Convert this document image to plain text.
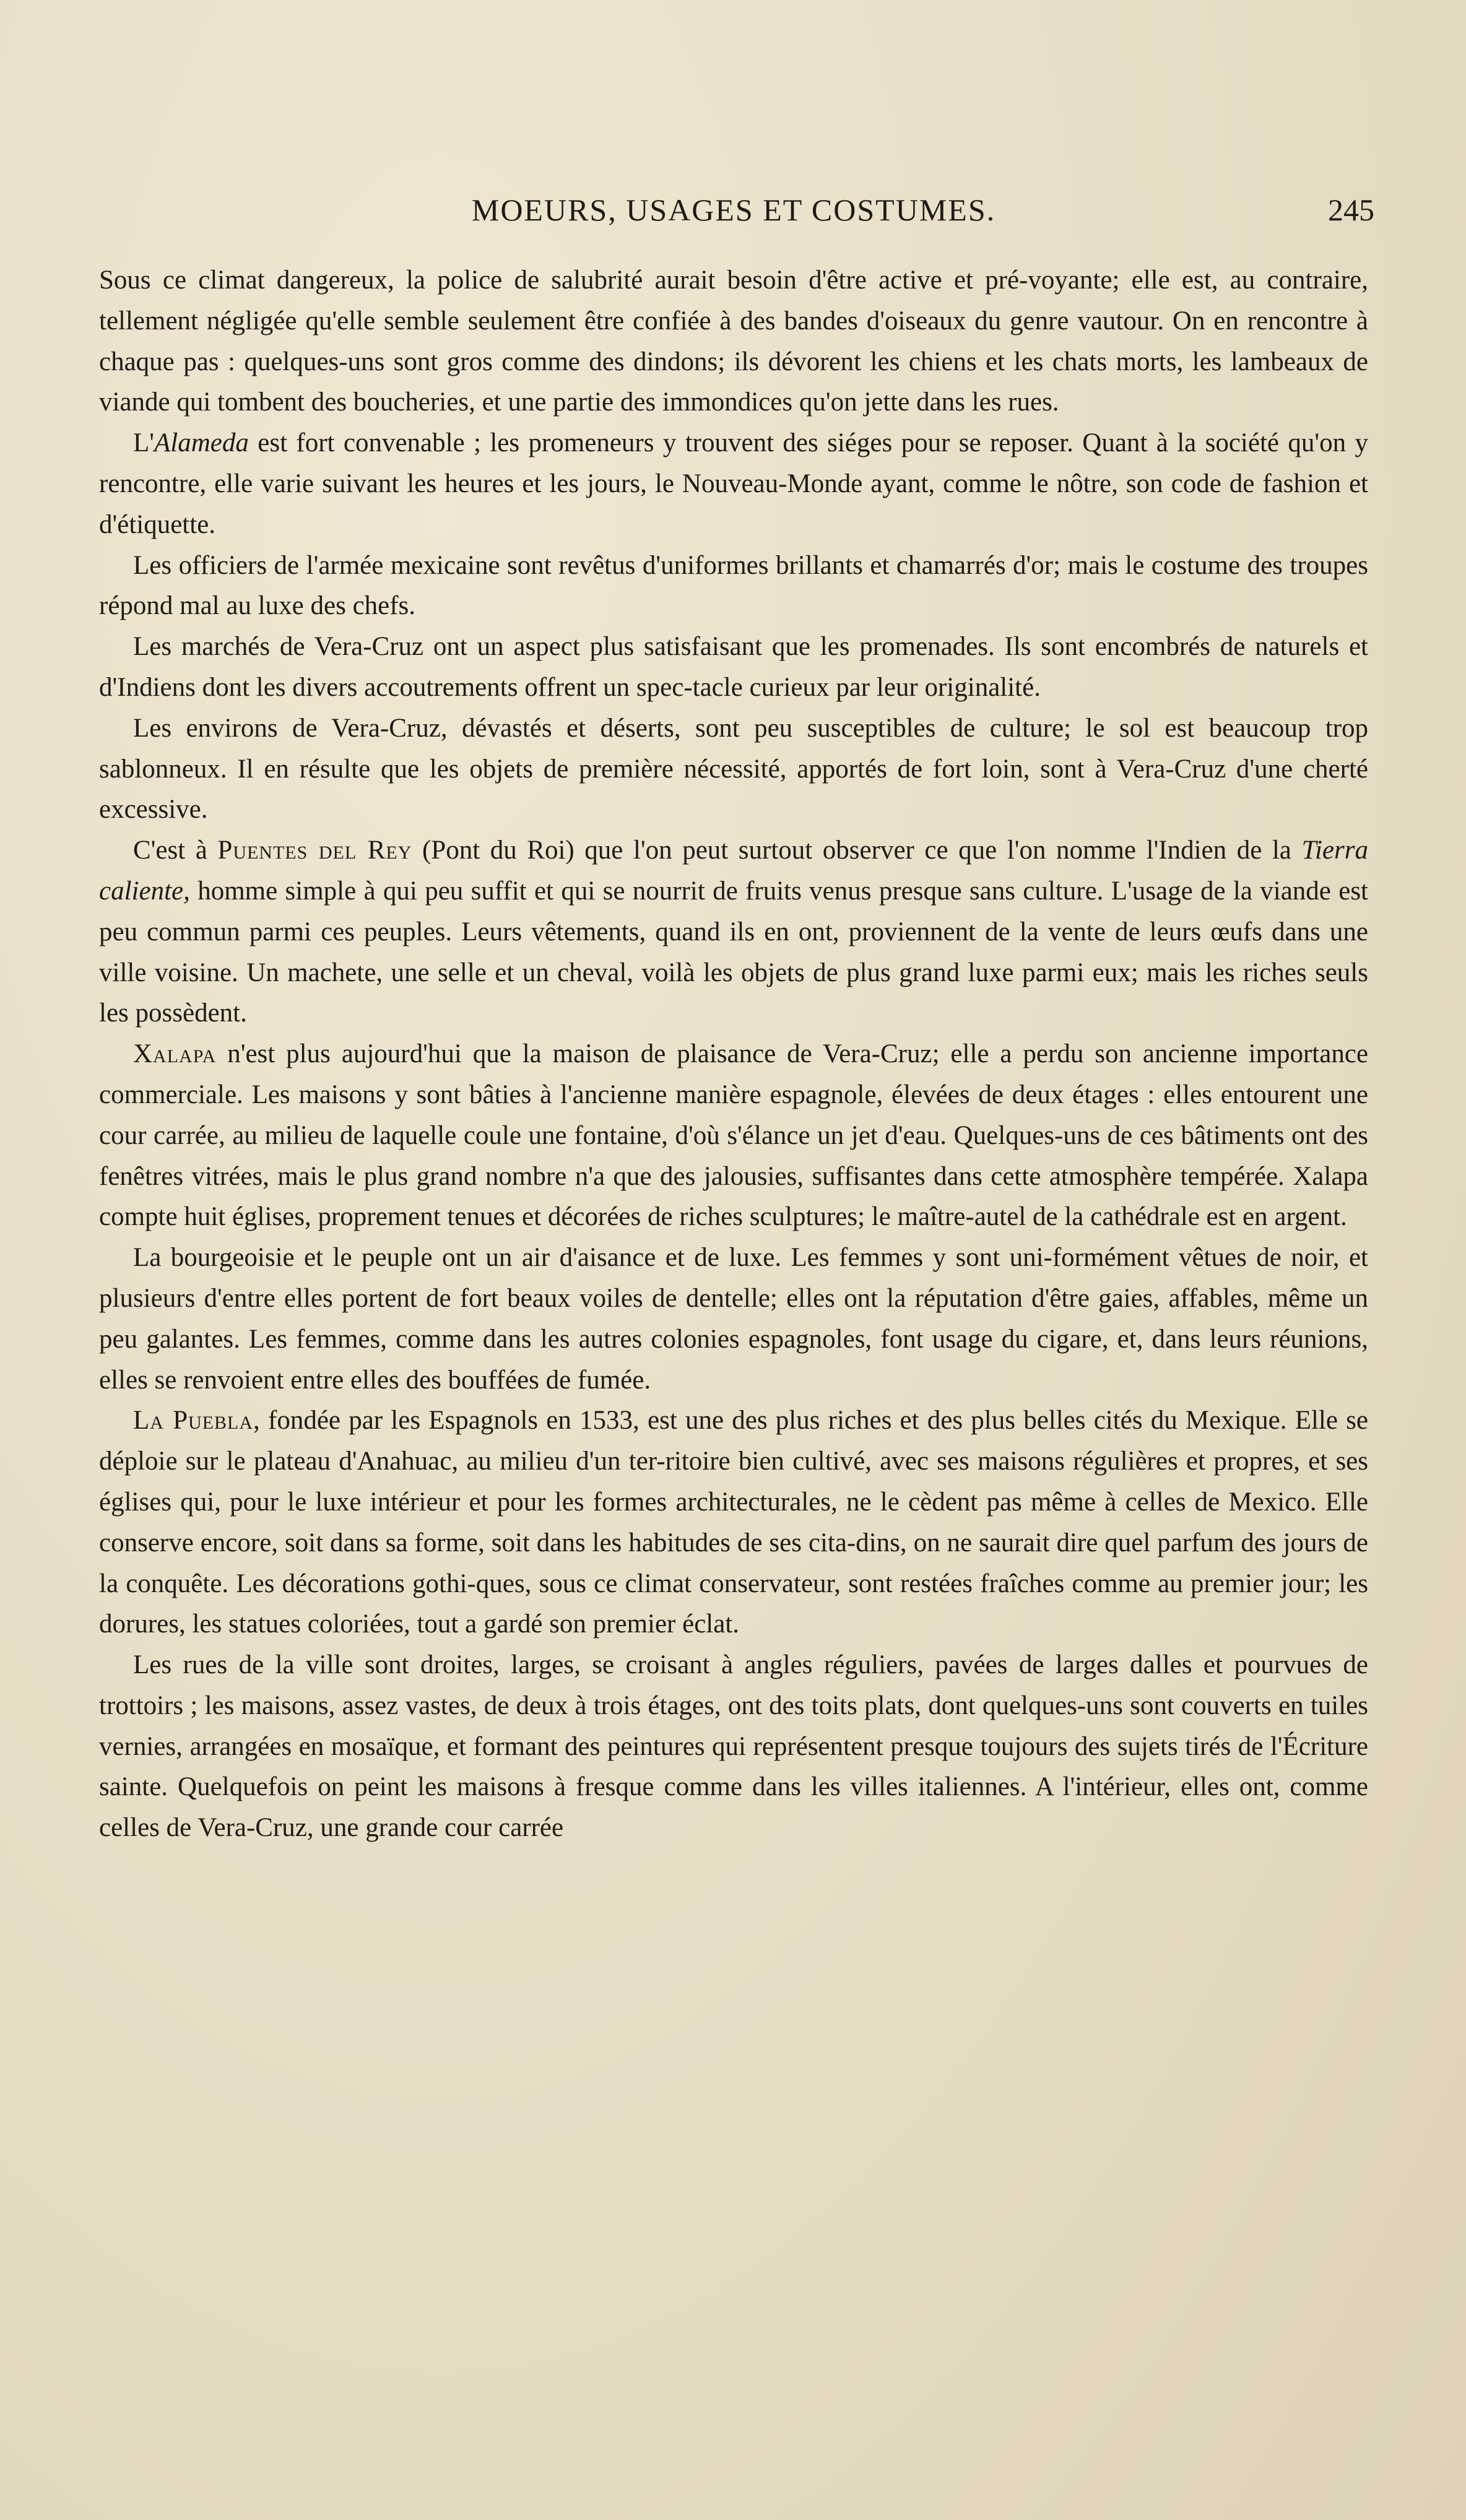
MOEURS, USAGES ET COSTUMES.	245

Sous ce climat dangereux, la police de salubrité aurait besoin d'être active et pré-voyante; elle est, au contraire, tellement négligée qu'elle semble seulement être confiée à des bandes d'oiseaux du genre vautour. On en rencontre à chaque pas : quelques-uns sont gros comme des dindons; ils dévorent les chiens et les chats morts, les lambeaux de viande qui tombent des boucheries, et une partie des immondices qu'on jette dans les rues.

L'Alameda est fort convenable ; les promeneurs y trouvent des siéges pour se reposer. Quant à la société qu'on y rencontre, elle varie suivant les heures et les jours, le Nouveau-Monde ayant, comme le nôtre, son code de fashion et d'étiquette.

Les officiers de l'armée mexicaine sont revêtus d'uniformes brillants et chamarrés d'or; mais le costume des troupes répond mal au luxe des chefs.

Les marchés de Vera-Cruz ont un aspect plus satisfaisant que les promenades. Ils sont encombrés de naturels et d'Indiens dont les divers accoutrements offrent un spec-tacle curieux par leur originalité.

Les environs de Vera-Cruz, dévastés et déserts, sont peu susceptibles de culture; le sol est beaucoup trop sablonneux. Il en résulte que les objets de première nécessité, apportés de fort loin, sont à Vera-Cruz d'une cherté excessive.

C'est à Puentes del Rey (Pont du Roi) que l'on peut surtout observer ce que l'on nomme l'Indien de la Tierra caliente, homme simple à qui peu suffit et qui se nourrit de fruits venus presque sans culture. L'usage de la viande est peu commun parmi ces peuples. Leurs vêtements, quand ils en ont, proviennent de la vente de leurs œufs dans une ville voisine. Un machete, une selle et un cheval, voilà les objets de plus grand luxe parmi eux; mais les riches seuls les possèdent.

Xalapa n'est plus aujourd'hui que la maison de plaisance de Vera-Cruz; elle a perdu son ancienne importance commerciale. Les maisons y sont bâties à l'ancienne manière espagnole, élevées de deux étages : elles entourent une cour carrée, au milieu de laquelle coule une fontaine, d'où s'élance un jet d'eau. Quelques-uns de ces bâtiments ont des fenêtres vitrées, mais le plus grand nombre n'a que des jalousies, suffisantes dans cette atmosphère tempérée. Xalapa compte huit églises, proprement tenues et décorées de riches sculptures; le maître-autel de la cathédrale est en argent.

La bourgeoisie et le peuple ont un air d'aisance et de luxe. Les femmes y sont uni-formément vêtues de noir, et plusieurs d'entre elles portent de fort beaux voiles de dentelle; elles ont la réputation d'être gaies, affables, même un peu galantes. Les femmes, comme dans les autres colonies espagnoles, font usage du cigare, et, dans leurs réunions, elles se renvoient entre elles des bouffées de fumée.

La Puebla, fondée par les Espagnols en 1533, est une des plus riches et des plus belles cités du Mexique. Elle se déploie sur le plateau d'Anahuac, au milieu d'un ter-ritoire bien cultivé, avec ses maisons régulières et propres, et ses églises qui, pour le luxe intérieur et pour les formes architecturales, ne le cèdent pas même à celles de Mexico. Elle conserve encore, soit dans sa forme, soit dans les habitudes de ses cita-dins, on ne saurait dire quel parfum des jours de la conquête. Les décorations gothi-ques, sous ce climat conservateur, sont restées fraîches comme au premier jour; les dorures, les statues coloriées, tout a gardé son premier éclat.

Les rues de la ville sont droites, larges, se croisant à angles réguliers, pavées de larges dalles et pourvues de trottoirs ; les maisons, assez vastes, de deux à trois étages, ont des toits plats, dont quelques-uns sont couverts en tuiles vernies, arrangées en mosaïque, et formant des peintures qui représentent presque toujours des sujets tirés de l'Écriture sainte. Quelquefois on peint les maisons à fresque comme dans les villes italiennes. A l'intérieur, elles ont, comme celles de Vera-Cruz, une grande cour carrée
